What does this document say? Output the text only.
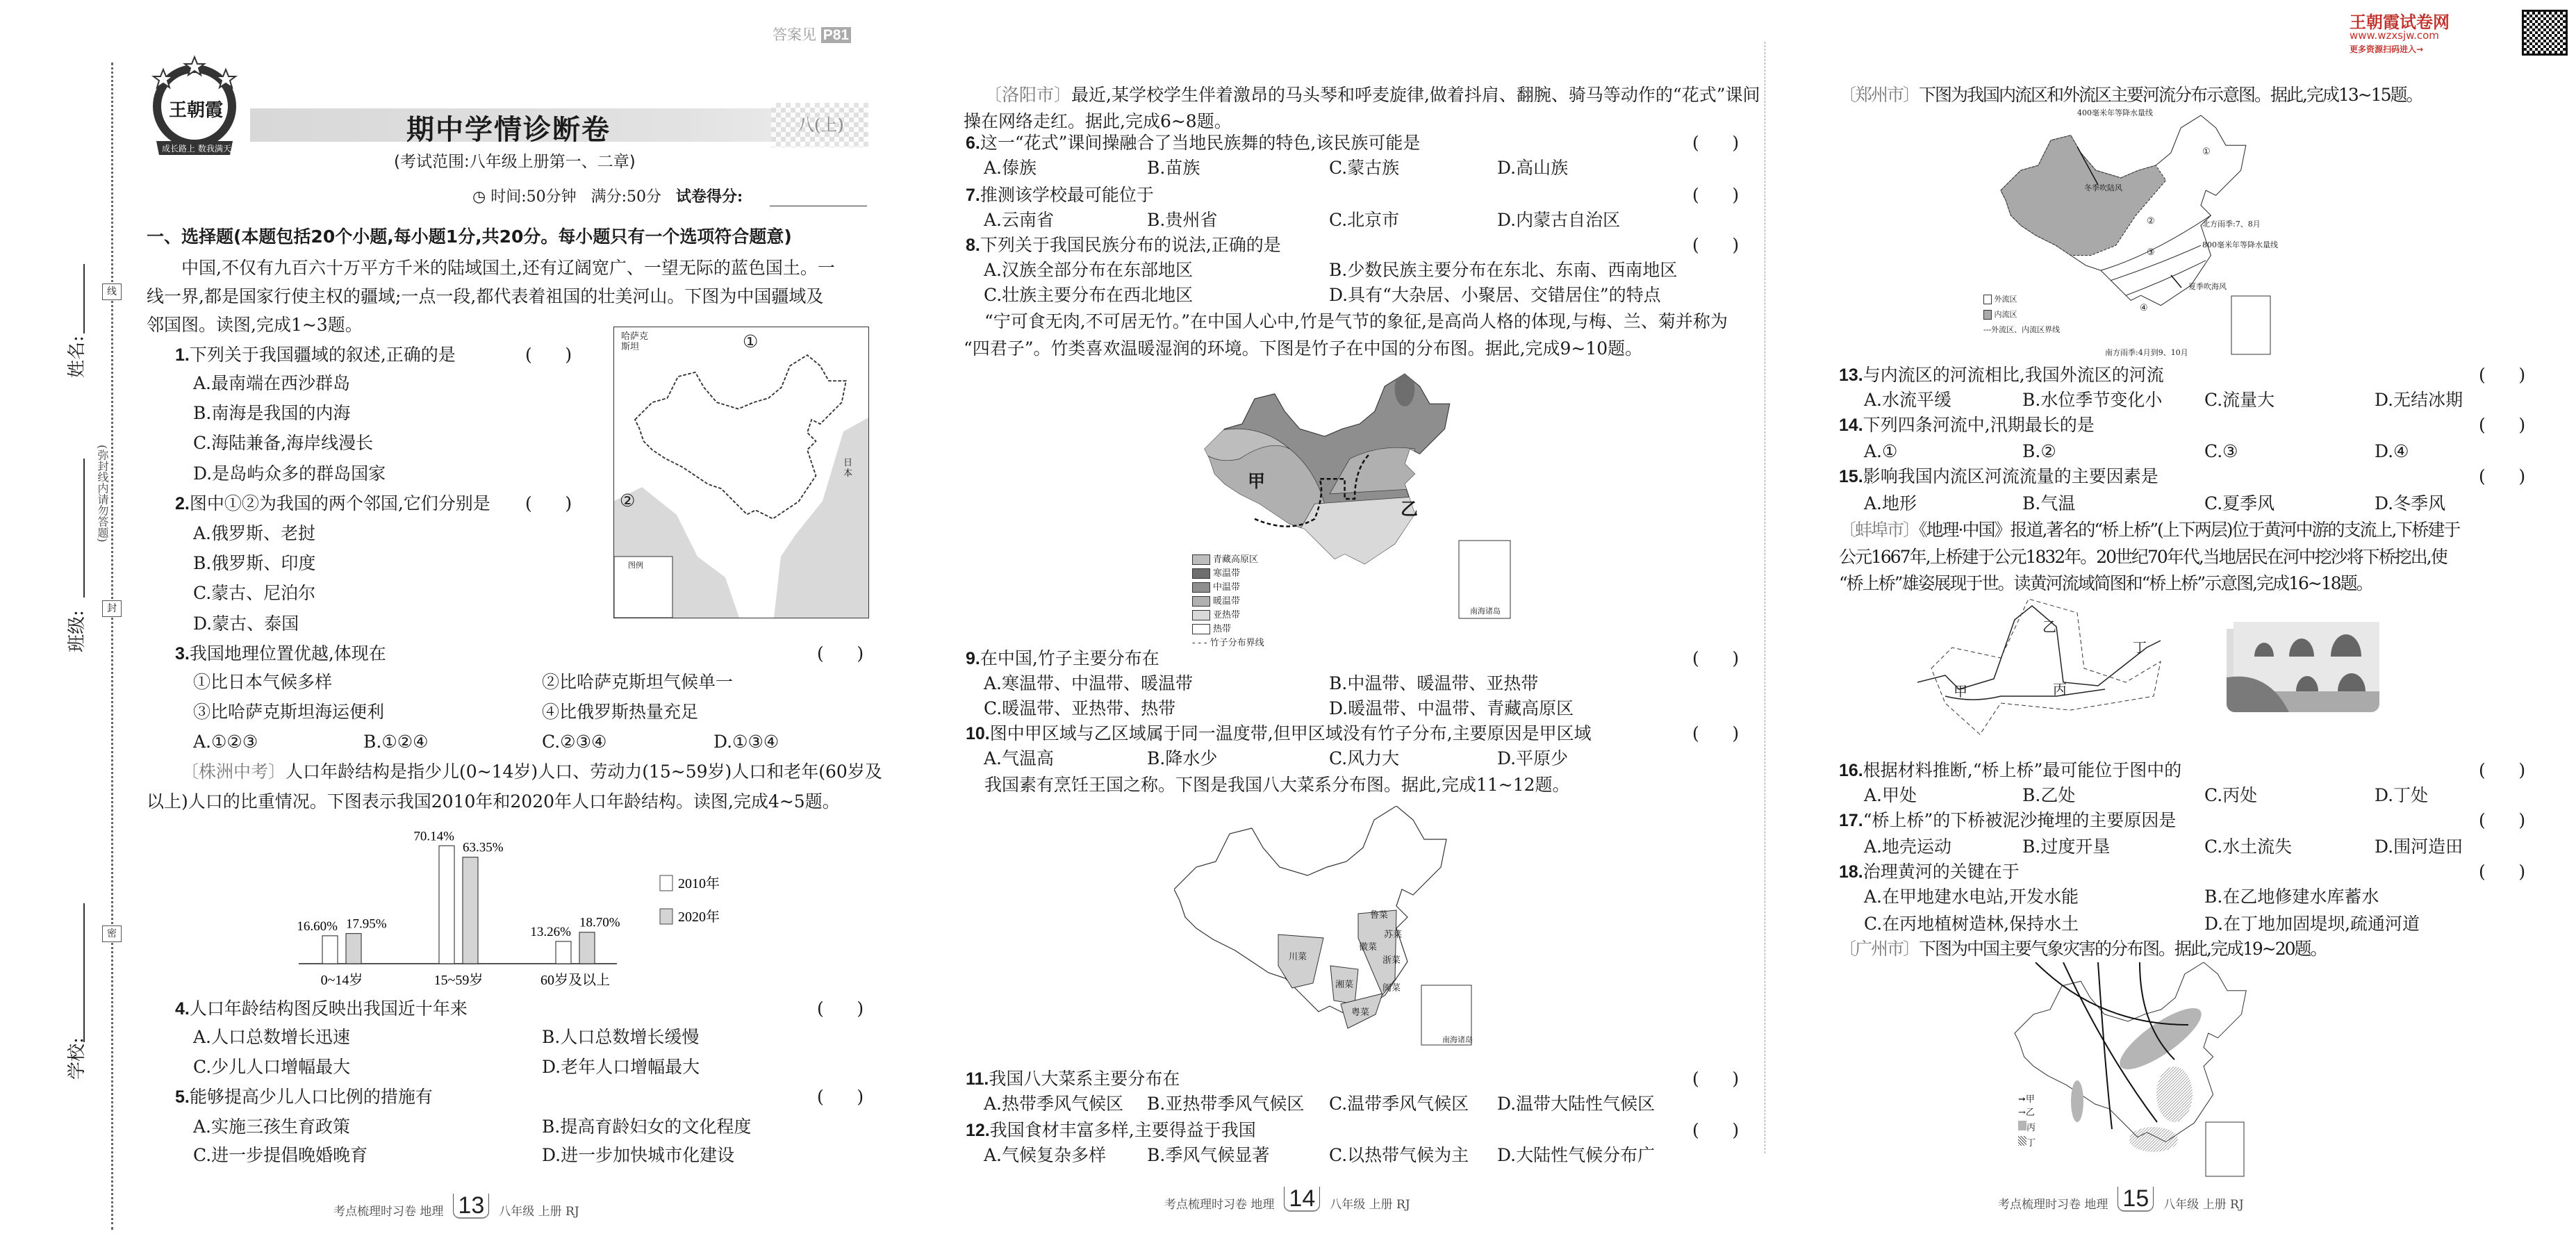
线
封
密
姓名:
班级:
学校:
(弥封线内请勿答题)
王朝霞
成长路上 数我满天
期中学情诊断卷	八(上)
答案见 P81
(考试范围:八年级上册第一、二章)
◷ 时间:50分钟 满分:50分 试卷得分:
一、选择题(本题包括20个小题,每小题1分,共20分。每小题只有一个选项符合题意)
王朝霞试卷网
www.wzxsjw.com
更多资源扫码进入→
中国,不仅有九百六十万平方千米的陆域国土,还有辽阔宽广、一望无际的蓝色国土。一
线一界,都是国家行使主权的疆域;一点一段,都代表着祖国的壮美河山。下图为中国疆域及
邻国图。读图,完成1~3题。
1.下列关于我国疆域的叙述,正确的是	(      )
A.最南端在西沙群岛
B.南海是我国的内海
C.海陆兼备,海岸线漫长
D.是岛屿众多的群岛国家
2.图中①②为我国的两个邻国,它们分别是 (      )
A.俄罗斯、老挝
B.俄罗斯、印度
C.蒙古、尼泊尔
D.蒙古、泰国
3.我国地理位置优越,体现在	(      )
A.①②③	B.①②④	C.②③④	D.①③④
①比日本气候多样	②比哈萨克斯坦气候单一
③比哈萨克斯坦海运便利	④比俄罗斯热量充足
〔株洲中考〕人口年龄结构是指少儿(0~14岁)人口、劳动力(15~59岁)人口和老年(60岁及
以上)人口的比重情况。下图表示我国2010年和2020年人口年龄结构。读图,完成4~5题。
4.人口年龄结构图反映出我国近十年来	(      )
A.人口总数增长迅速	B.人口总数增长缓慢
C.少儿人口增幅最大	D.老年人口增幅最大
5.能够提高少儿人口比例的措施有	(      )
A.实施三孩生育政策	B.提高育龄妇女的文化程度
C.进一步提倡晚婚晚育	D.进一步加快城市化建设
〔洛阳市〕最近,某学校学生伴着激昂的马头琴和呼麦旋律,做着抖肩、翻腕、骑马等动作的“花式”课间
操在网络走红。据此,完成6~8题。
6.这一“花式”课间操融合了当地民族舞的特色,该民族可能是	(      )
A.傣族	B.苗族	C.蒙古族	D.高山族
7.推测该学校最可能位于	(      )
A.云南省	B.贵州省	C.北京市	D.内蒙古自治区
8.下列关于我国民族分布的说法,正确的是	(      )
A.汉族全部分布在东部地区	B.少数民族主要分布在东北、东南、西南地区
C.壮族主要分布在西北地区	D.具有“大杂居、小聚居、交错居住”的特点
“宁可食无肉,不可居无竹。”在中国人心中,竹是气节的象征,是高尚人格的体现,与梅、兰、菊并称为
“四君子”。竹类喜欢温暖湿润的环境。下图是竹子在中国的分布图。据此,完成9~10题。
9.在中国,竹子主要分布在	(      )
A.寒温带、中温带、暖温带	B.中温带、暖温带、亚热带
C.暖温带、亚热带、热带	D.暖温带、中温带、青藏高原区
10.图中甲区域与乙区域属于同一温度带,但甲区域没有竹子分布,主要原因是甲区域	(      )
A.气温高	B.降水少	C.风力大	D.平原少
我国素有烹饪王国之称。下图是我国八大菜系分布图。据此,完成11~12题。
11.我国八大菜系主要分布在	(      )
A.热带季风气候区 B.亚热带季风气候区 C.温带季风气候区 D.温带大陆性气候区
12.我国食材丰富多样,主要得益于我国	(      )
A.气候复杂多样 B.季风气候显著	C.以热带气候为主 D.大陆性气候分布广
〔郑州市〕下图为我国内流区和外流区主要河流分布示意图。据此,完成13~15题。
13.与内流区的河流相比,我国外流区的河流	(      )
A.水流平缓	B.水位季节变化小 C.流量大	D.无结冰期
14.下列四条河流中,汛期最长的是	(      )
A.①	B.②	C.③	D.④
15.影响我国内流区河流流量的主要因素是	(      )
A.地形	B.气温	C.夏季风	D.冬季风
〔蚌埠市〕《地理·中国》报道,著名的“桥上桥”(上下两层)位于黄河中游的支流上,下桥建于
公元1667年,上桥建于公元1832年。20世纪70年代,当地居民在河中挖沙将下桥挖出,使
“桥上桥”雄姿展现于世。读黄河流域简图和“桥上桥”示意图,完成16~18题。
16.根据材料推断,“桥上桥”最可能位于图中的	(      )
A.甲处	B.乙处	C.丙处	D.丁处
17.“桥上桥”的下桥被泥沙掩埋的主要原因是	(      )
A.地壳运动	B.过度开垦	C.水土流失	D.围河造田
18.治理黄河的关键在于	(      )
A.在甲地建水电站,开发水能	B.在乙地修建水库蓄水
C.在丙地植树造林,保持水土	D.在丁地加固堤坝,疏通河道
〔广州市〕下图为中国主要气象灾害的分布图。据此,完成19~20题。
哈萨克斯坦	①
②
日本
图例
16.60%
70.14%
13.26%
17.95%
63.35%
18.70%
0~14岁	15~59岁	60岁及以上
2010年
2020年
甲
乙
南海诸岛
青藏高原区
寒温带
中温带
暖温带
亚热带
热带
- - - 竹子分布界线
川菜
湘菜
粤菜
闽菜
浙菜
苏菜
徽菜
鲁菜
南海诸岛
400毫米年等降水量线
冬季吹陆风
北方雨季:7、8月
800毫米年等降水量线
夏季吹海风
南方雨季:4月到9、10月
①
②
③
④
外流区
内流区
---外流区、内流区界线
甲
乙
丙
丁
➞甲
→乙
丙
丁
考点梳理时习卷 地理 13	八年级 上册 RJ	考点梳理时习卷 地理 14	八年级 上册 RJ	考点梳理时习卷 地理 15	八年级 上册 RJ
